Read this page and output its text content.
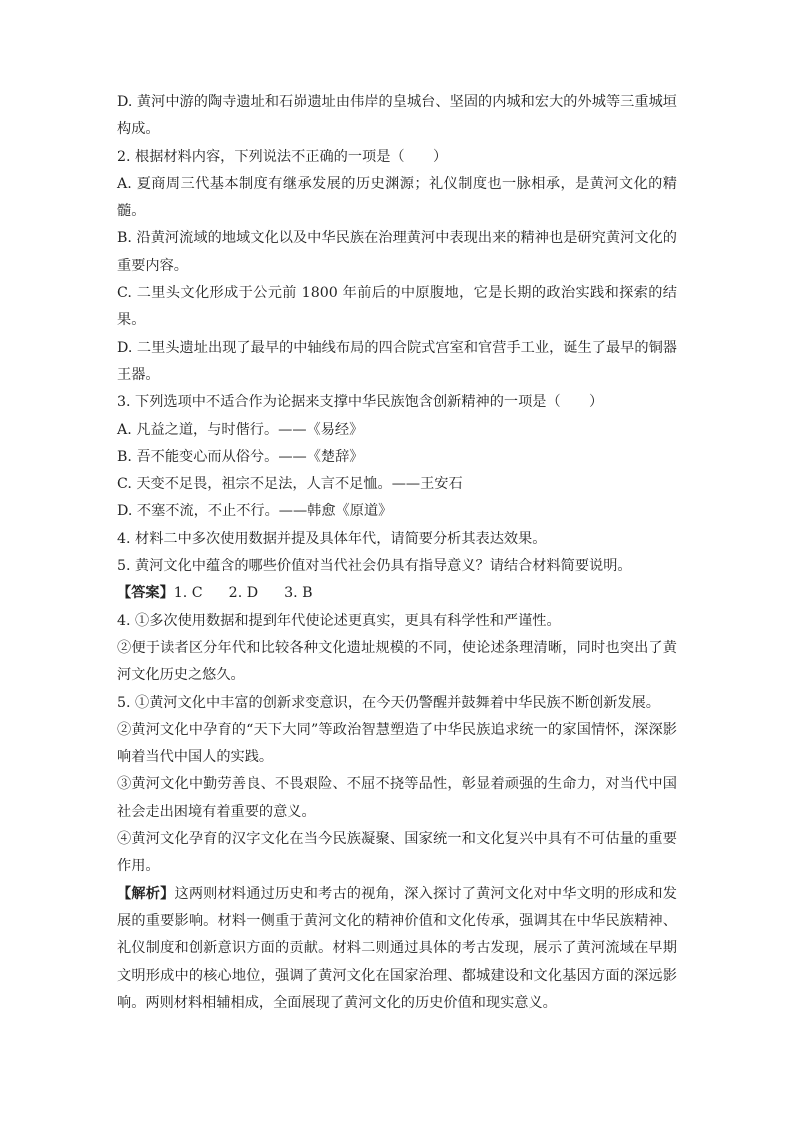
D. 黄河中游的陶寺遗址和石峁遗址由伟岸的皇城台、坚固的内城和宏大的外城等三重城垣构成。

2. 根据材料内容，下列说法不正确的一项是（　　）

A. 夏商周三代基本制度有继承发展的历史渊源；礼仪制度也一脉相承，是黄河文化的精髓。

B. 沿黄河流域的地域文化以及中华民族在治理黄河中表现出来的精神也是研究黄河文化的重要内容。

C. 二里头文化形成于公元前 1800 年前后的中原腹地，它是长期的政治实践和探索的结果。

D. 二里头遗址出现了最早的中轴线布局的四合院式宫室和官营手工业，诞生了最早的铜器王器。

3. 下列选项中不适合作为论据来支撑中华民族饱含创新精神的一项是（　　）

A. 凡益之道，与时偕行。——《易经》

B. 吾不能变心而从俗兮。——《楚辞》

C. 天变不足畏，祖宗不足法，人言不足恤。——王安石

D. 不塞不流，不止不行。——韩愈《原道》

4. 材料二中多次使用数据并提及具体年代，请简要分析其表达效果。

5. 黄河文化中蕴含的哪些价值对当代社会仍具有指导意义？请结合材料简要说明。

【答案】1. C 2. D 3. B

4. ①多次使用数据和提到年代使论述更真实，更具有科学性和严谨性。

②便于读者区分年代和比较各种文化遗址规模的不同，使论述条理清晰，同时也突出了黄河文化历史之悠久。

5. ①黄河文化中丰富的创新求变意识，在今天仍警醒并鼓舞着中华民族不断创新发展。

②黄河文化中孕育的“天下大同”等政治智慧塑造了中华民族追求统一的家国情怀，深深影响着当代中国人的实践。

③黄河文化中勤劳善良、不畏艰险、不屈不挠等品性，彰显着顽强的生命力，对当代中国社会走出困境有着重要的意义。

④黄河文化孕育的汉字文化在当今民族凝聚、国家统一和文化复兴中具有不可估量的重要作用。

【解析】这两则材料通过历史和考古的视角，深入探讨了黄河文化对中华文明的形成和发展的重要影响。材料一侧重于黄河文化的精神价值和文化传承，强调其在中华民族精神、礼仪制度和创新意识方面的贡献。材料二则通过具体的考古发现，展示了黄河流域在早期文明形成中的核心地位，强调了黄河文化在国家治理、都城建设和文化基因方面的深远影响。两则材料相辅相成，全面展现了黄河文化的历史价值和现实意义。
